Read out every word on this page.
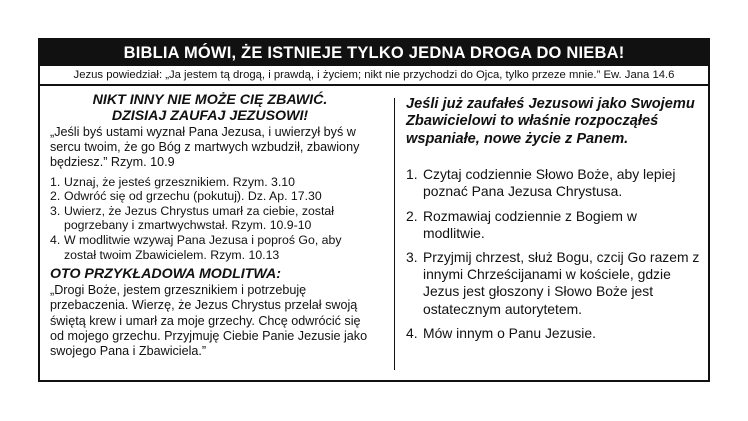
BIBLIA MÓWI, ŻE ISTNIEJE TYLKO JEDNA DROGA DO NIEBA!
Jezus powiedział: „Ja jestem tą drogą, i prawdą, i życiem; nikt nie przychodzi do Ojca, tylko przeze mnie.” Ew. Jana 14.6

NIKT INNY NIE MOŻE CIĘ ZBAWIĆ.

DZISIAJ ZAUFAJ JEZUSOWI!

„Jeśli byś ustami wyznał Pana Jezusa, i uwierzył byś w sercu twoim, że go Bóg z martwych wzbudził, zbawiony będziesz.” Rzym. 10.9

1. Uznaj, że jesteś grzesznikiem. Rzym. 3.10
2. Odwróć się od grzechu (pokutuj). Dz. Ap. 17.30
3. Uwierz, że Jezus Chrystus umarł za ciebie, został pogrzebany i zmartwychwstał. Rzym. 10.9-10
4. W modlitwie wzywaj Pana Jezusa i poproś Go, aby został twoim Zbawicielem. Rzym. 10.13

OTO PRZYKŁADOWA MODLITWA:

„Drogi Boże, jestem grzesznikiem i potrzebuję przebaczenia. Wierzę, że Jezus Chrystus przelał swoją świętą krew i umarł za moje grzechy. Chcę odwrócić się od mojego grzechu. Przyjmuję Ciebie Panie Jezusie jako swojego Pana i Zbawiciela.”

Jeśli już zaufałeś Jezusowi jako Swojemu Zbawicielowi to właśnie rozpocząłeś wspaniałe, nowe życie z Panem.

1. Czytaj codziennie Słowo Boże, aby lepiej poznać Pana Jezusa Chrystusa.
2. Rozmawiaj codziennie z Bogiem w modlitwie.
3. Przyjmij chrzest, służ Bogu, czcij Go razem z innymi Chrześcijanami w kościele, gdzie Jezus jest głoszony i Słowo Boże jest ostatecznym autorytetem.
4. Mów innym o Panu Jezusie.
